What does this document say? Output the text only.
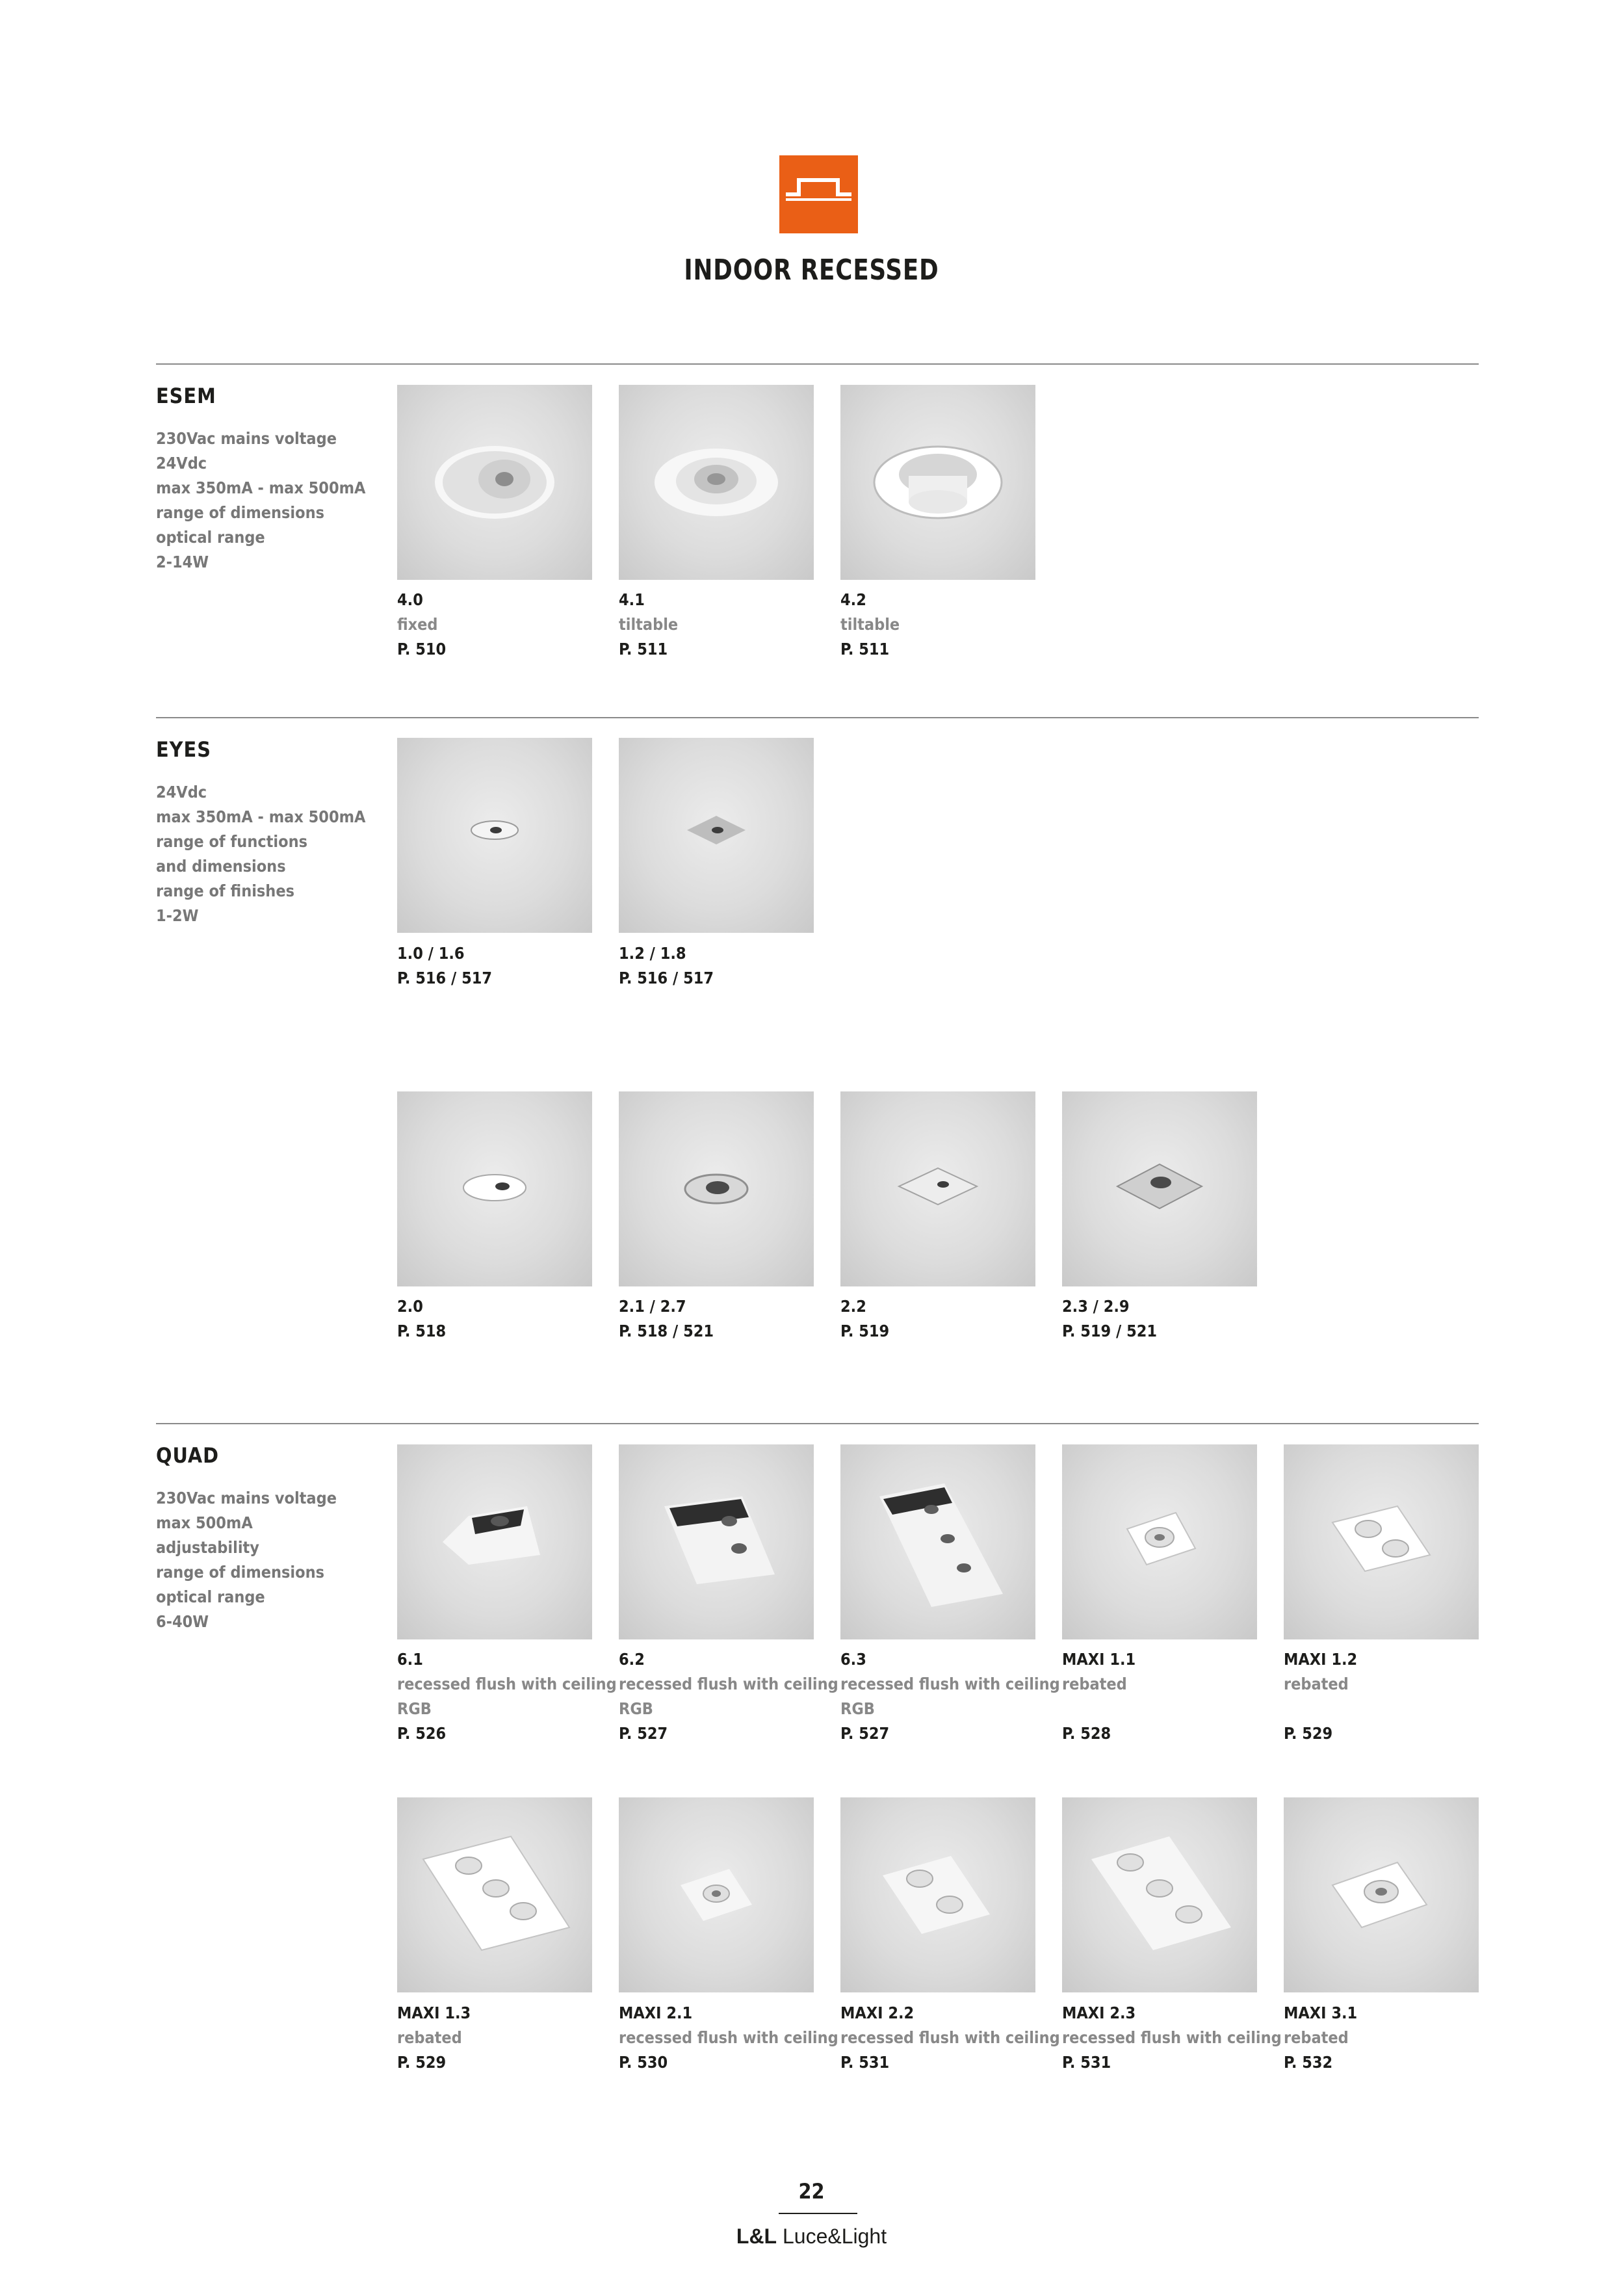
INDOOR RECESSED
ESEM
230Vac mains voltage
24Vdc
max 350mA - max 500mA
range of dimensions
optical range
2-14W
4.0
fixed
P. 510
4.1
tiltable
P. 511
4.2
tiltable
P. 511
EYES
24Vdc
max 350mA - max 500mA
range of functions
and dimensions
range of finishes
1-2W
1.0 / 1.6
P. 516 / 517
1.2 / 1.8
P. 516 / 517
2.0
P. 518
2.1 / 2.7
P. 518 / 521
2.2
P. 519
2.3 / 2.9
P. 519 / 521
QUAD
230Vac mains voltage
max 500mA
adjustability
range of dimensions
optical range
6-40W
6.1
recessed flush with ceiling
RGB
P. 526
6.2
recessed flush with ceiling
RGB
P. 527
6.3
recessed flush with ceiling
RGB
P. 527
MAXI 1.1
rebated
P. 528
MAXI 1.2
rebated
P. 529
MAXI 1.3
rebated
P. 529
MAXI 2.1
recessed flush with ceiling
P. 530
MAXI 2.2
recessed flush with ceiling
P. 531
MAXI 2.3
recessed flush with ceiling
P. 531
MAXI 3.1
rebated
P. 532
22
L&L Luce&Light
